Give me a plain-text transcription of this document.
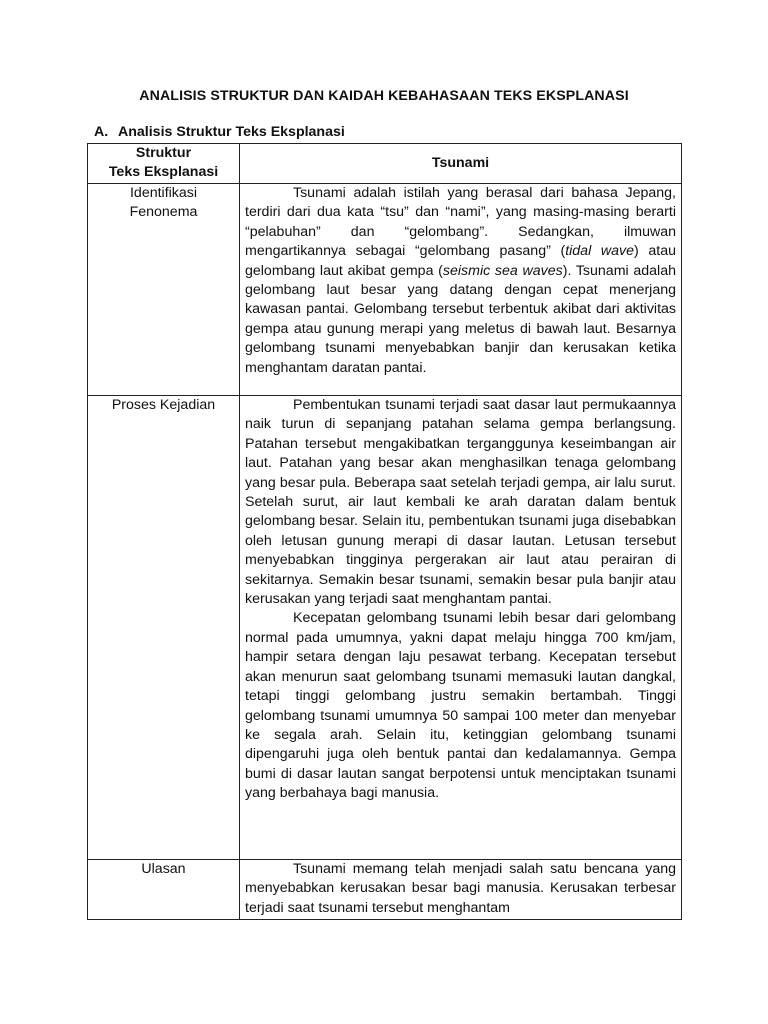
ANALISIS STRUKTUR DAN KAIDAH KEBAHASAAN TEKS EKSPLANASI
A. Analisis Struktur Teks Eksplanasi
Struktur
Teks Eksplanasi	Tsunami

Identifikasi
Fenonema	Tsunami adalah istilah yang berasal dari bahasa Jepang, terdiri dari dua kata “tsu” dan “nami”, yang masing-masing berarti “pelabuhan” dan “gelombang”. Sedangkan, ilmuwan mengartikannya sebagai “gelombang pasang” (tidal wave) atau gelombang laut akibat gempa (seismic sea waves). Tsunami adalah gelombang laut besar yang datang dengan cepat menerjang kawasan pantai. Gelombang tersebut terbentuk akibat dari aktivitas gempa atau gunung merapi yang meletus di bawah laut. Besarnya gelombang tsunami menyebabkan banjir dan kerusakan ketika menghantam daratan pantai.

Proses Kejadian	Pembentukan tsunami terjadi saat dasar laut permukaannya naik turun di sepanjang patahan selama gempa berlangsung. Patahan tersebut mengakibatkan terganggunya keseimbangan air laut. Patahan yang besar akan menghasilkan tenaga gelombang yang besar pula. Beberapa saat setelah terjadi gempa, air lalu surut. Setelah surut, air laut kembali ke arah daratan dalam bentuk gelombang besar. Selain itu, pembentukan tsunami juga disebabkan oleh letusan gunung merapi di dasar lautan. Letusan tersebut menyebabkan tingginya pergerakan air laut atau perairan di sekitarnya. Semakin besar tsunami, semakin besar pula banjir atau kerusakan yang terjadi saat menghantam pantai.

Kecepatan gelombang tsunami lebih besar dari gelombang normal pada umumnya, yakni dapat melaju hingga 700 km/jam, hampir setara dengan laju pesawat terbang. Kecepatan tersebut akan menurun saat gelombang tsunami memasuki lautan dangkal, tetapi tinggi gelombang justru semakin bertambah. Tinggi gelombang tsunami umumnya 50 sampai 100 meter dan menyebar ke segala arah. Selain itu, ketinggian gelombang tsunami dipengaruhi juga oleh bentuk pantai dan kedalamannya. Gempa bumi di dasar lautan sangat berpotensi untuk menciptakan tsunami yang berbahaya bagi manusia.

Ulasan	Tsunami memang telah menjadi salah satu bencana yang menyebabkan kerusakan besar bagi manusia. Kerusakan terbesar terjadi saat tsunami tersebut menghantam
